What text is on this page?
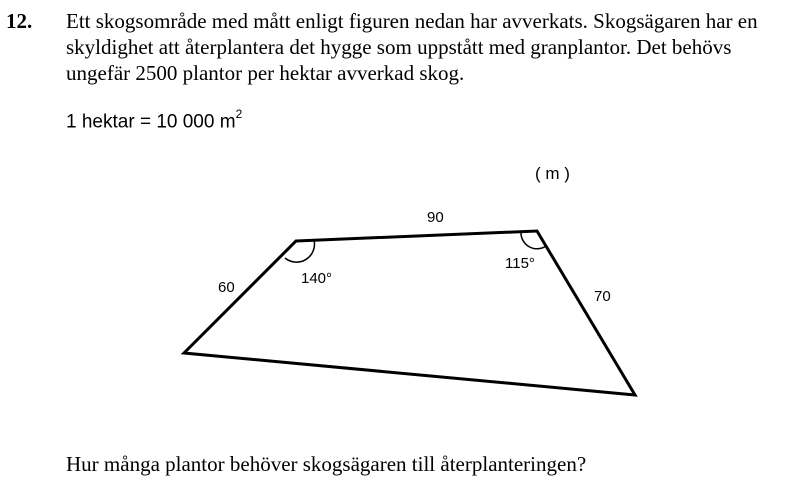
12. Ett skogsområde med mått enligt figuren nedan har avverkats. Skogsägaren har en
skyldighet att återplantera det hygge som uppstått med granplantor. Det behövs
ungefär 2500 plantor per hektar avverkad skog.
1 hektar = 10 000 $m^2$
( m )
90
60
70
140°
115°
Hur många plantor behöver skogsägaren till återplanteringen?
